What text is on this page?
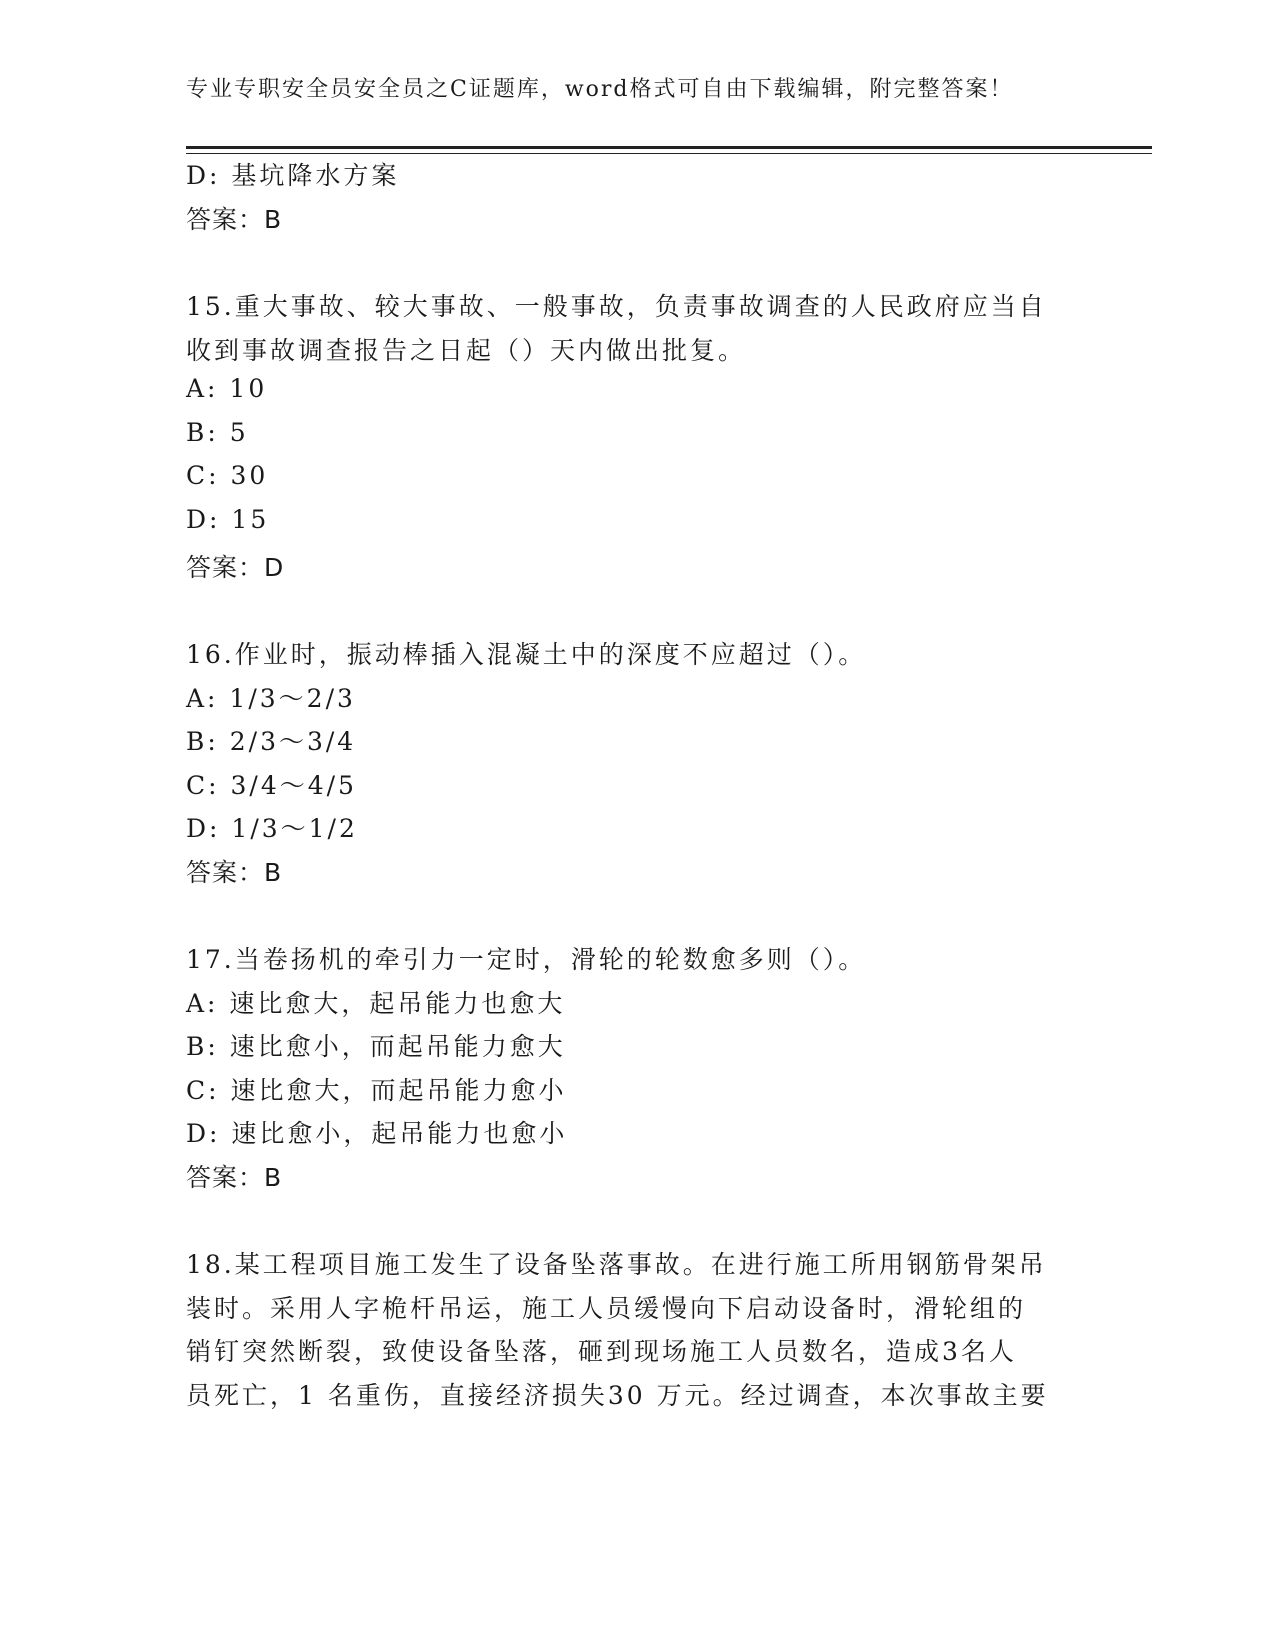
专业专职安全员安全员之C证题库，word格式可自由下载编辑，附完整答案！
D: 基坑降水方案
答案：B
15.重大事故、较大事故、一般事故，负责事故调查的人民政府应当自
收到事故调查报告之日起（）天内做出批复。
A: 10
B: 5
C: 30
D: 15
答案：D
16.作业时，振动棒插入混凝土中的深度不应超过（）。
A: 1/3～2/3
B: 2/3～3/4
C: 3/4～4/5
D: 1/3～1/2
答案：B
17.当卷扬机的牵引力一定时，滑轮的轮数愈多则（）。
A: 速比愈大，起吊能力也愈大
B: 速比愈小，而起吊能力愈大
C: 速比愈大，而起吊能力愈小
D: 速比愈小，起吊能力也愈小
答案：B
18.某工程项目施工发生了设备坠落事故。在进行施工所用钢筋骨架吊
装时。采用人字桅杆吊运，施工人员缓慢向下启动设备时，滑轮组的
销钉突然断裂，致使设备坠落，砸到现场施工人员数名，造成3名人
员死亡，1 名重伤，直接经济损失30 万元。经过调查，本次事故主要
